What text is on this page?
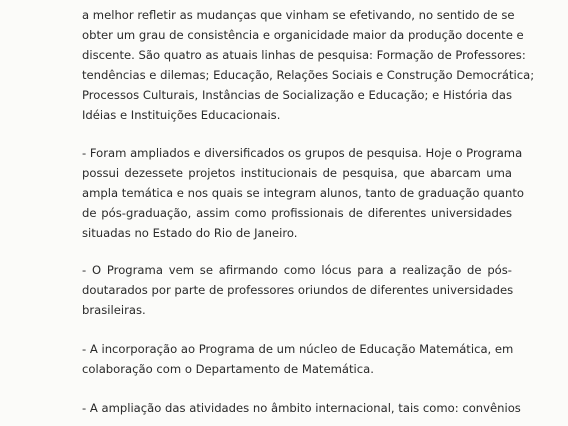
a melhor refletir as mudanças que vinham se efetivando, no sentido de se
obter um grau de consistência e organicidade maior da produção docente e
discente. São quatro as atuais linhas de pesquisa: Formação de Professores:
tendências e dilemas; Educação, Relações Sociais e Construção Democrática;
Processos Culturais, Instâncias de Socialização e Educação; e História das
Idéias e Instituições Educacionais.
- Foram ampliados e diversificados os grupos de pesquisa. Hoje o Programa
possui dezessete projetos institucionais de pesquisa, que abarcam uma
ampla temática e nos quais se integram alunos, tanto de graduação quanto
de pós-graduação, assim como profissionais de diferentes universidades
situadas no Estado do Rio de Janeiro.
- O Programa vem se afirmando como lócus para a realização de pós-
doutarados por parte de professores oriundos de diferentes universidades
brasileiras.
- A incorporação ao Programa de um núcleo de Educação Matemática, em
colaboração com o Departamento de Matemática.
- A ampliação das atividades no âmbito internacional, tais como: convênios
